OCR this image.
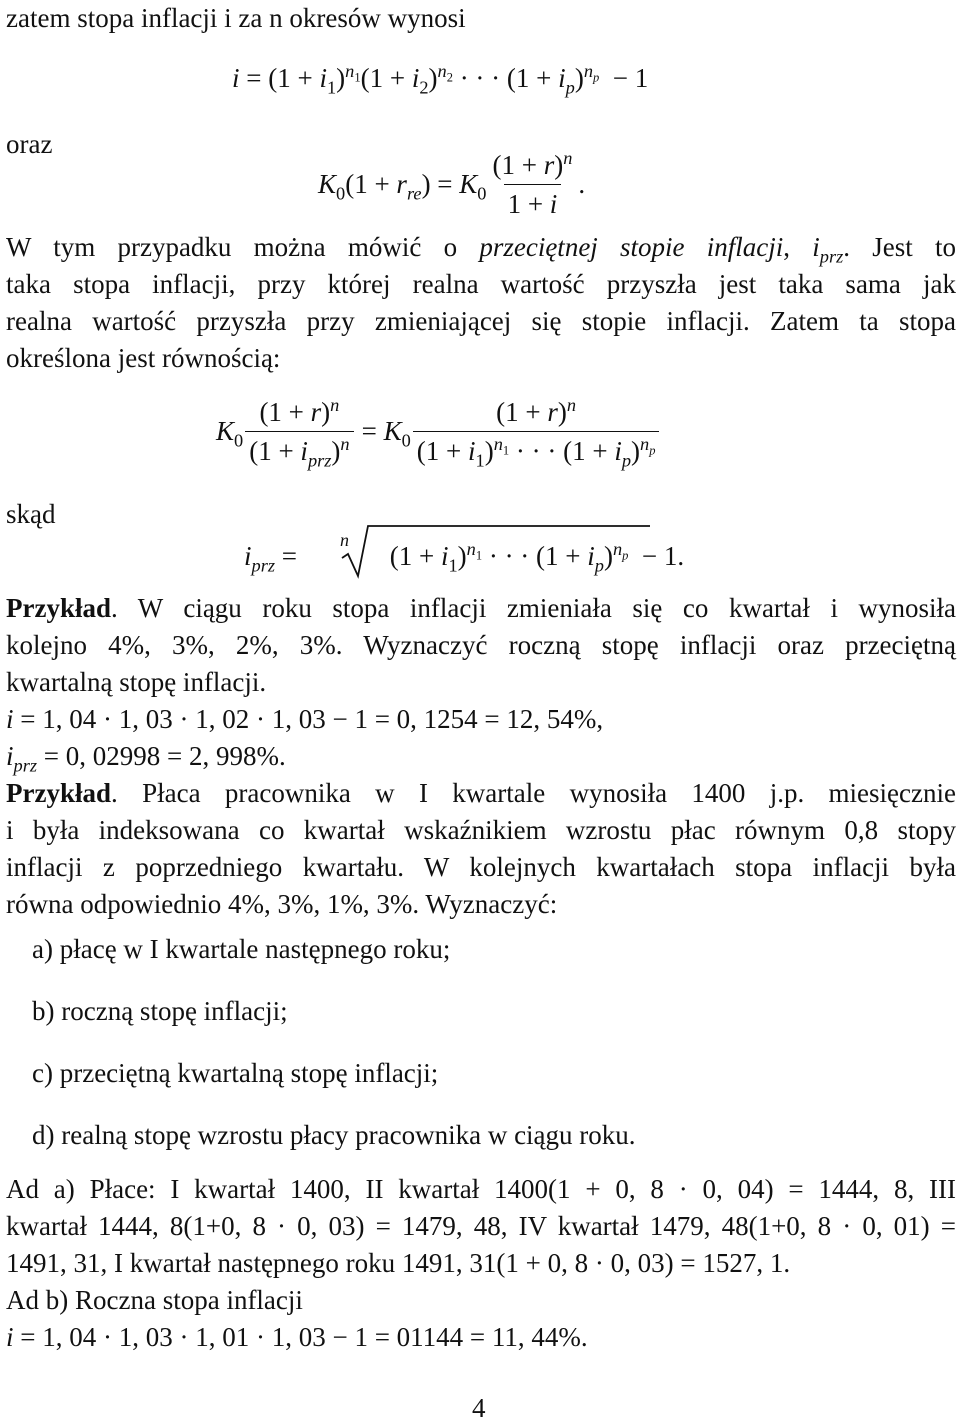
zatem stopa inflacji i za n okresów wynosi
$i = (1 + i_1)^{n_1}(1 + i_2)^{n_2}$ · · · $(1 + i_p)^{n_p} - 1$
oraz
$K_0(1 + r_{re}) = K_0 \frac{(1 + r)^n}{1 + i}$ .
W tym przypadku można mówić o przeciętnej stopie inflacji, $i_{prz}$. Jest to
taka stopa inflacji, przy której realna wartość przyszła jest taka sama jak
realna wartość przyszła przy zmieniającej się stopie inflacji. Zatem ta stopa
określona jest równością:
$K_0 \frac{(1 + r)^n}{(1 + i_{prz})^n} = K_0 \frac{(1 + r)^n}{(1 + i_1)^{n_1} \cdot \cdot \cdot (1 + i_p)^{n_p}}$
skąd
$i_{prz}$ =	$(1 + i_1)^{n_1}$ · · · $(1 + i_p)^{n_p} - 1$.
n
Przykład. W ciągu roku stopa inflacji zmieniała się co kwartał i wynosiła
kolejno 4%, 3%, 2%, 3%. Wyznaczyć roczną stopę inflacji oraz przeciętną
kwartalną stopę inflacji.
i = 1, 04 · 1, 03 · 1, 02 · 1, 03 − 1 = 0, 1254 = 12, 54%,
$i_{prz} = 0$, 02998 = 2, 998%.
Przykład. Płaca pracownika w I kwartale wynosiła 1400 j.p. miesięcznie
i była indeksowana co kwartał wskaźnikiem wzrostu płac równym 0,8 stopy
inflacji z poprzedniego kwartału. W kolejnych kwartałach stopa inflacji była
równa odpowiednio 4%, 3%, 1%, 3%. Wyznaczyć:
a) płacę w I kwartale następnego roku;
b) roczną stopę inflacji;
c) przeciętną kwartalną stopę inflacji;
d) realną stopę wzrostu płacy pracownika w ciągu roku.
Ad a) Płace: I kwartał 1400, II kwartał 1400(1 + 0, 8 · 0, 04) = 1444, 8, III
kwartał 1444, 8(1+0, 8 · 0, 03) = 1479, 48, IV kwartał 1479, 48(1+0, 8 · 0, 01) =
1491, 31, I kwartał następnego roku 1491, 31(1 + 0, 8 · 0, 03) = 1527, 1.
Ad b) Roczna stopa inflacji
i = 1, 04 · 1, 03 · 1, 01 · 1, 03 − 1 = 01144 = 11, 44%.
4
